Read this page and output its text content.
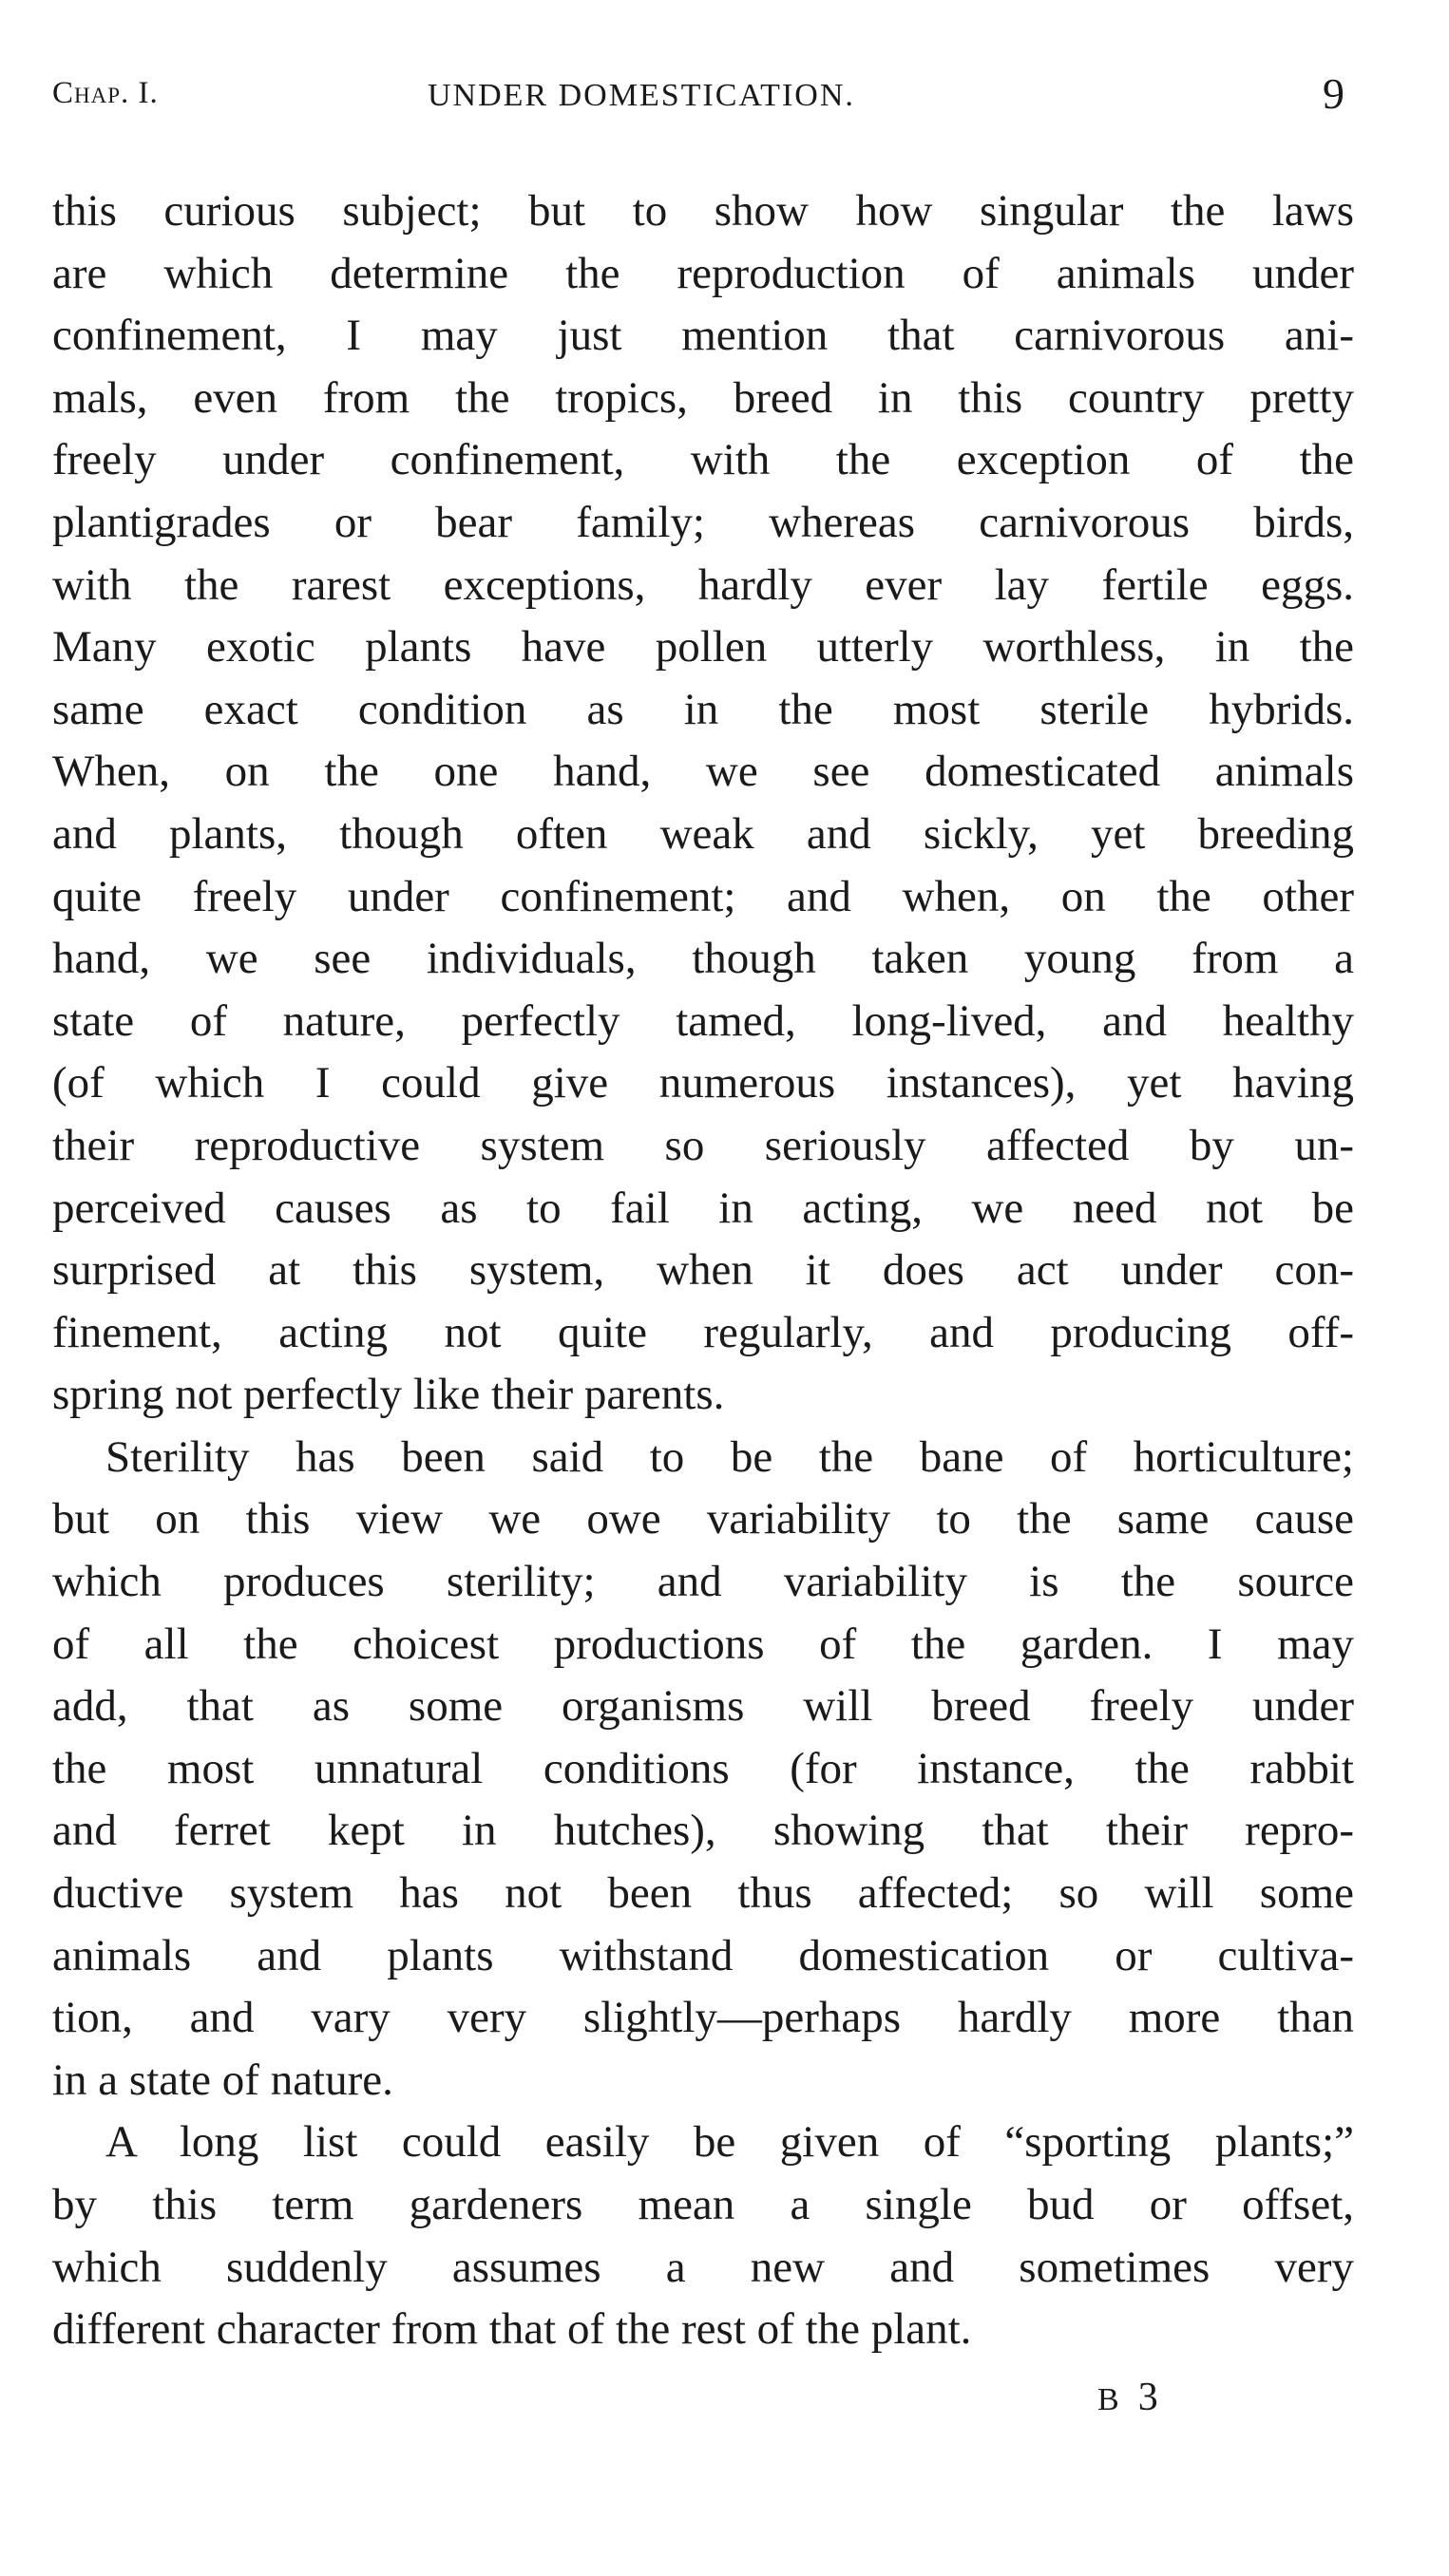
Chap. I.	UNDER DOMESTICATION.	9
this curious subject; but to show how singular the laws
are which determine the reproduction of animals under
confinement, I may just mention that carnivorous ani-
mals, even from the tropics, breed in this country pretty
freely under confinement, with the exception of the
plantigrades or bear family; whereas carnivorous birds,
with the rarest exceptions, hardly ever lay fertile eggs.
Many exotic plants have pollen utterly worthless, in the
same exact condition as in the most sterile hybrids.
When, on the one hand, we see domesticated animals
and plants, though often weak and sickly, yet breeding
quite freely under confinement; and when, on the other
hand, we see individuals, though taken young from a
state of nature, perfectly tamed, long-lived, and healthy
(of which I could give numerous instances), yet having
their reproductive system so seriously affected by un-
perceived causes as to fail in acting, we need not be
surprised at this system, when it does act under con-
finement, acting not quite regularly, and producing off-
spring not perfectly like their parents.
Sterility has been said to be the bane of horticulture;
but on this view we owe variability to the same cause
which produces sterility; and variability is the source
of all the choicest productions of the garden. I may
add, that as some organisms will breed freely under
the most unnatural conditions (for instance, the rabbit
and ferret kept in hutches), showing that their repro-
ductive system has not been thus affected; so will some
animals and plants withstand domestication or cultiva-
tion, and vary very slightly—perhaps hardly more than
in a state of nature.
A long list could easily be given of “sporting plants;”
by this term gardeners mean a single bud or offset,
which suddenly assumes a new and sometimes very
different character from that of the rest of the plant.
B 3
